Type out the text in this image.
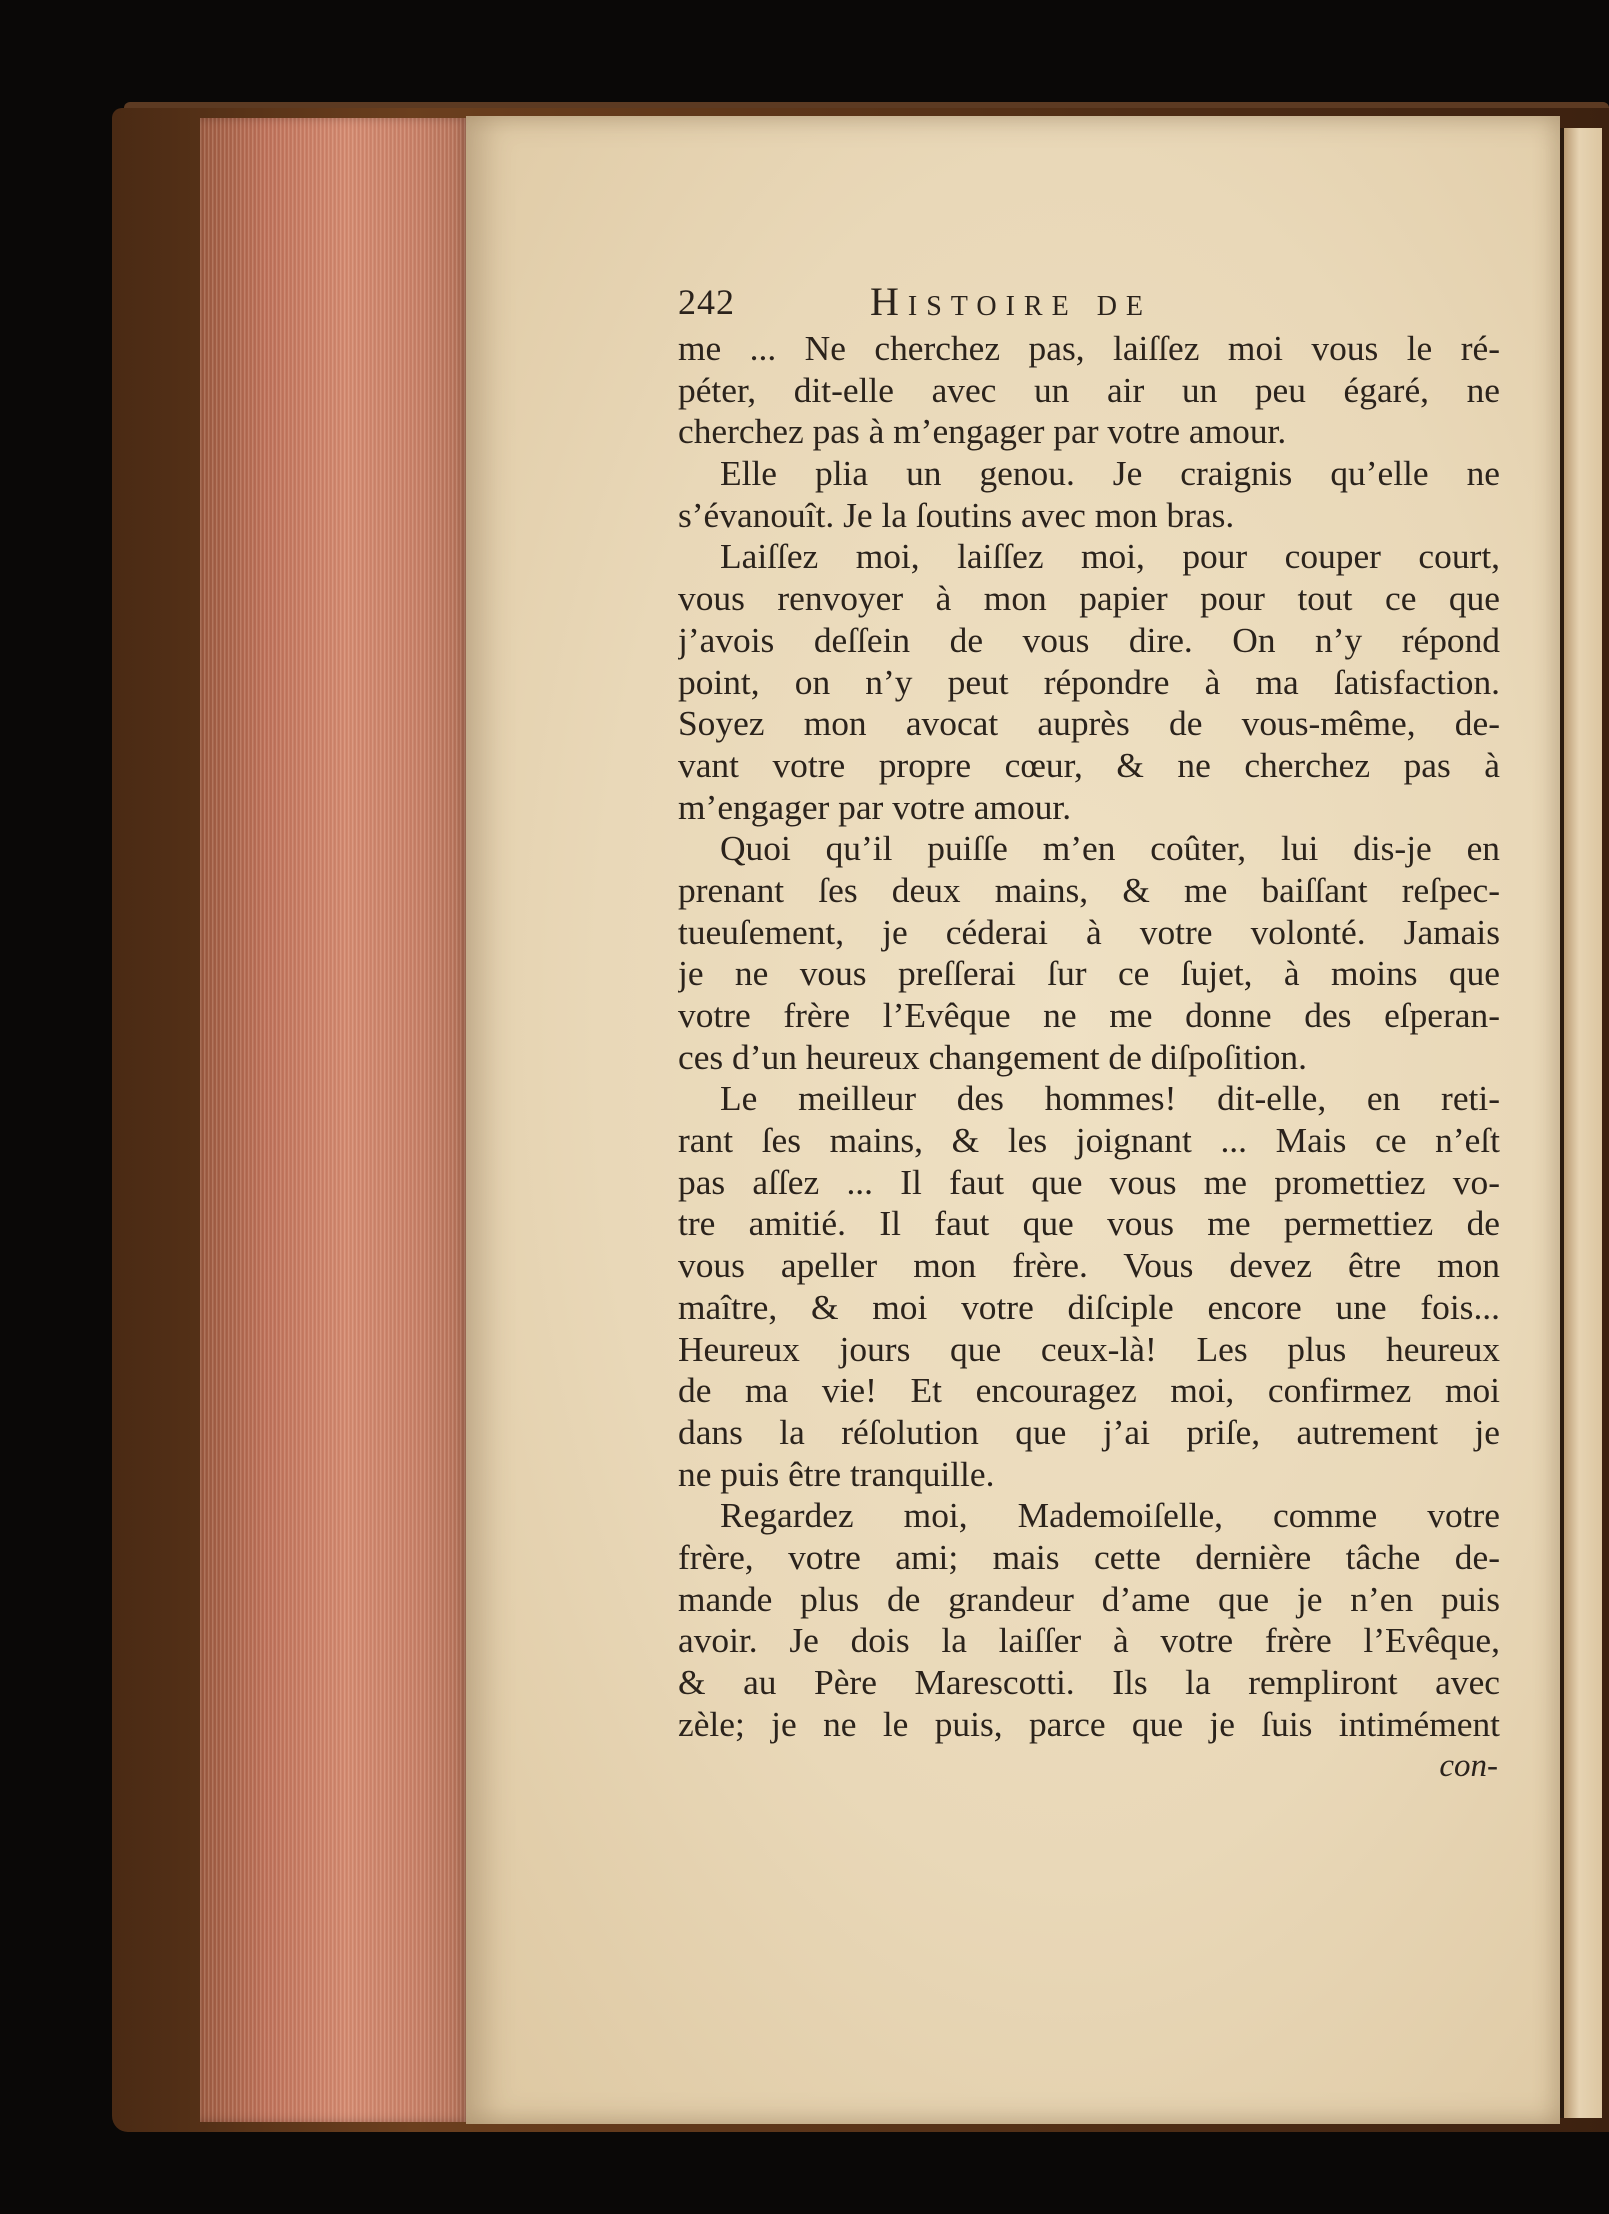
242	Histoire de
me ... Ne cherchez pas, laiſſez moi vous le ré-
péter, dit-elle avec un air un peu égaré, ne
cherchez pas à m’engager par votre amour.
Elle plia un genou. Je craignis qu’elle ne
s’évanouît. Je la ſoutins avec mon bras.
Laiſſez moi, laiſſez moi, pour couper court,
vous renvoyer à mon papier pour tout ce que
j’avois deſſein de vous dire. On n’y répond
point, on n’y peut répondre à ma ſatisfaction.
Soyez mon avocat auprès de vous-même, de-
vant votre propre cœur, & ne cherchez pas à
m’engager par votre amour.
Quoi qu’il puiſſe m’en coûter, lui dis-je en
prenant ſes deux mains, & me baiſſant reſpec-
tueuſement, je céderai à votre volonté. Jamais
je ne vous preſſerai ſur ce ſujet, à moins que
votre frère l’Evêque ne me donne des eſperan-
ces d’un heureux changement de diſpoſition.
Le meilleur des hommes! dit-elle, en reti-
rant ſes mains, & les joignant ... Mais ce n’eſt
pas aſſez ... Il faut que vous me promettiez vo-
tre amitié. Il faut que vous me permettiez de
vous apeller mon frère. Vous devez être mon
maître, & moi votre diſciple encore une fois...
Heureux jours que ceux-là! Les plus heureux
de ma vie! Et encouragez moi, confirmez moi
dans la réſolution que j’ai priſe, autrement je
ne puis être tranquille.
Regardez moi, Mademoiſelle, comme votre
frère, votre ami; mais cette dernière tâche de-
mande plus de grandeur d’ame que je n’en puis
avoir. Je dois la laiſſer à votre frère l’Evêque,
& au Père Marescotti. Ils la rempliront avec
zèle; je ne le puis, parce que je ſuis intimément
con-
